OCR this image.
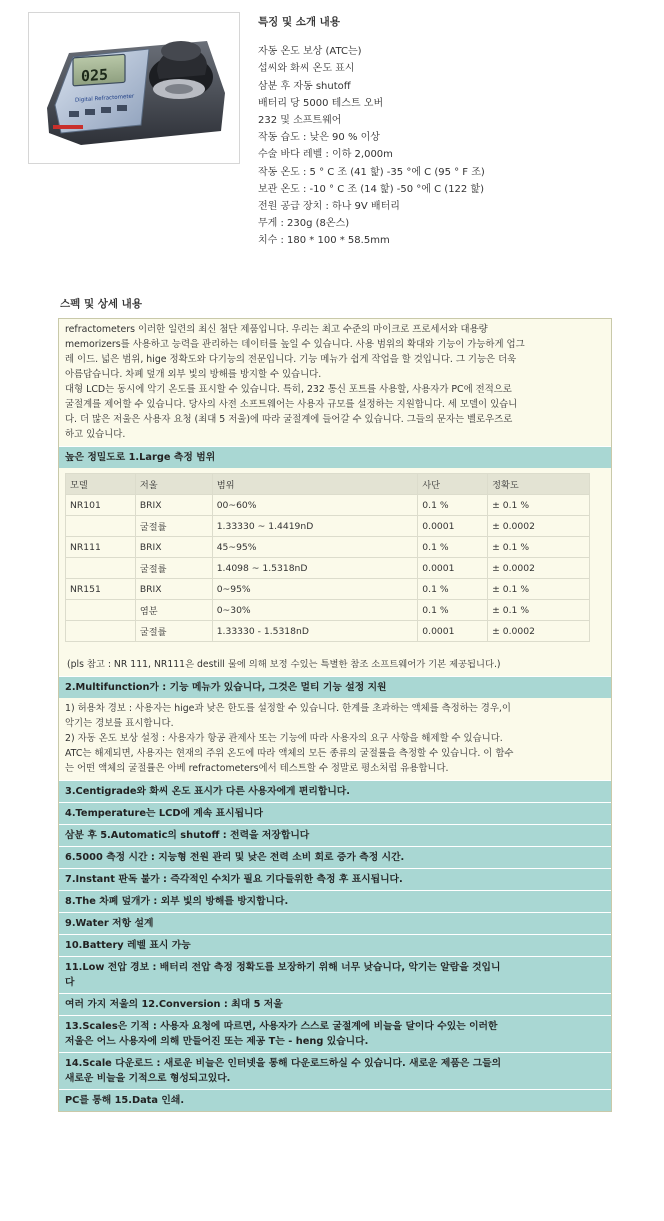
025
Digital Refractometer
특징 및 소개 내용
자동 온도 보상 (ATC는)
섭씨와 화씨 온도 표시
삼분 후 자동 shutoff
배터리 당 5000 테스트 오버
232 및 소프트웨어
작동 습도 : 낮은 90 % 이상
수술 바다 레벨 : 이하 2,000m
작동 온도 : 5 ° C 조 (41 핥) -35 °에 C (95 ° F 조)
보관 온도 : -10 ° C 조 (14 핥) -50 °에 C (122 핥)
전원 공급 장치 : 하나 9V 배터리
무게 : 230g (8온스)
치수 : 180 * 100 * 58.5mm
스펙 및 상세 내용
refractometers 이러한 일련의 최신 첨단 제품입니다. 우리는 최고 수준의 마이크로 프로세서와 대용량
memorizers를 사용하고 능력을 관리하는 데이터를 높일 수 있습니다. 사용 범위의 확대와 기능이 가능하게 업그
레 이드. 넓은 범위, hige 정확도와 다기능의 전문입니다. 기능 메뉴가 쉽게 작업을 할 것입니다. 그 기능은 더욱
아름답습니다. 차폐 덮개 외부 빛의 방해를 방지할 수 있습니다.
대형 LCD는 동시에 악기 온도를 표시할 수 있습니다. 특히, 232 통신 포트를 사용할, 사용자가 PC에 전적으로
굴절계를 제어할 수 있습니다. 당사의 사전 소프트웨어는 사용자 규모를 설정하는 지원합니다. 세 모델이 있습니
다. 더 많은 저울은 사용자 요청 (최대 5 저울)에 따라 굴절계에 들어갈 수 있습니다. 그들의 문자는 벨로우즈로
하고 있습니다.
높은 정밀도로 1.Large 측정 범위
모델	저울	범위	사단	정확도
NR101	BRIX	00~60%	0.1 %	± 0.1 %
	굴절률	1.33330 ~ 1.4419nD	0.0001	± 0.0002
NR111	BRIX	45~95%	0.1 %	± 0.1 %
	굴절률	1.4098 ~ 1.5318nD	0.0001	± 0.0002
NR151	BRIX	0~95%	0.1 %	± 0.1 %
	염분	0~30%	0.1 %	± 0.1 %
	굴절률	1.33330 - 1.5318nD	0.0001	± 0.0002
(pls 참고 : NR 111, NR111은 destill 물에 의해 보정 수있는 특별한 참조 소프트웨어가 기본 제공됩니다.)
2.Multifunction가 : 기능 메뉴가 있습니다, 그것은 멀티 기능 설정 지원
1) 허용차 경보 : 사용자는 hige과 낮은 한도를 설정할 수 있습니다. 한계를 초과하는 액체를 측정하는 경우,이
악기는 경보를 표시합니다.
2) 자동 온도 보상 설정 : 사용자가 항공 관제사 또는 기능에 따라 사용자의 요구 사항을 해제할 수 있습니다.
ATC는 해제되면, 사용자는 현재의 주위 온도에 따라 액체의 모든 종류의 굴절률을 측정할 수 있습니다. 이 합수
는 어떤 액체의 굴절률은 아베 refractometers에서 테스트할 수 정말로 평소처럼 유용합니다.
3.Centigrade와 화씨 온도 표시가 다른 사용자에게 편리합니다.
4.Temperature는 LCD에 계속 표시됩니다
삼분 후 5.Automatic의 shutoff : 전력을 저장합니다
6.5000 측정 시간 : 지능형 전원 관리 및 낮은 전력 소비 회로 증가 측정 시간.
7.Instant 판독 불가 : 즉각적인 수치가 필요 기다들위한 측정 후 표시됩니다.
8.The 차폐 덮개가 : 외부 빛의 방해를 방지합니다.
9.Water 저항 설계
10.Battery 레벨 표시 가능
11.Low 전압 경보 : 배터리 전압 측정 정확도를 보장하기 위해 너무 낮습니다, 악기는 알람을 것입니
다
여러 가지 저울의 12.Conversion : 최대 5 저울
13.Scales은 기적 : 사용자 요청에 따르면, 사용자가 스스로 굴절계에 비늘을 달이다 수있는 이러한
저울은 어느 사용자에 의해 만들어진 또는 제공 T는 - heng 있습니다.
14.Scale 다운로드 : 새로운 비늘은 인터넷을 통해 다운로드하실 수 있습니다. 새로운 제품은 그들의
새로운 비늘을 기적으로 형성되고있다.
PC를 통해 15.Data 인쇄.
